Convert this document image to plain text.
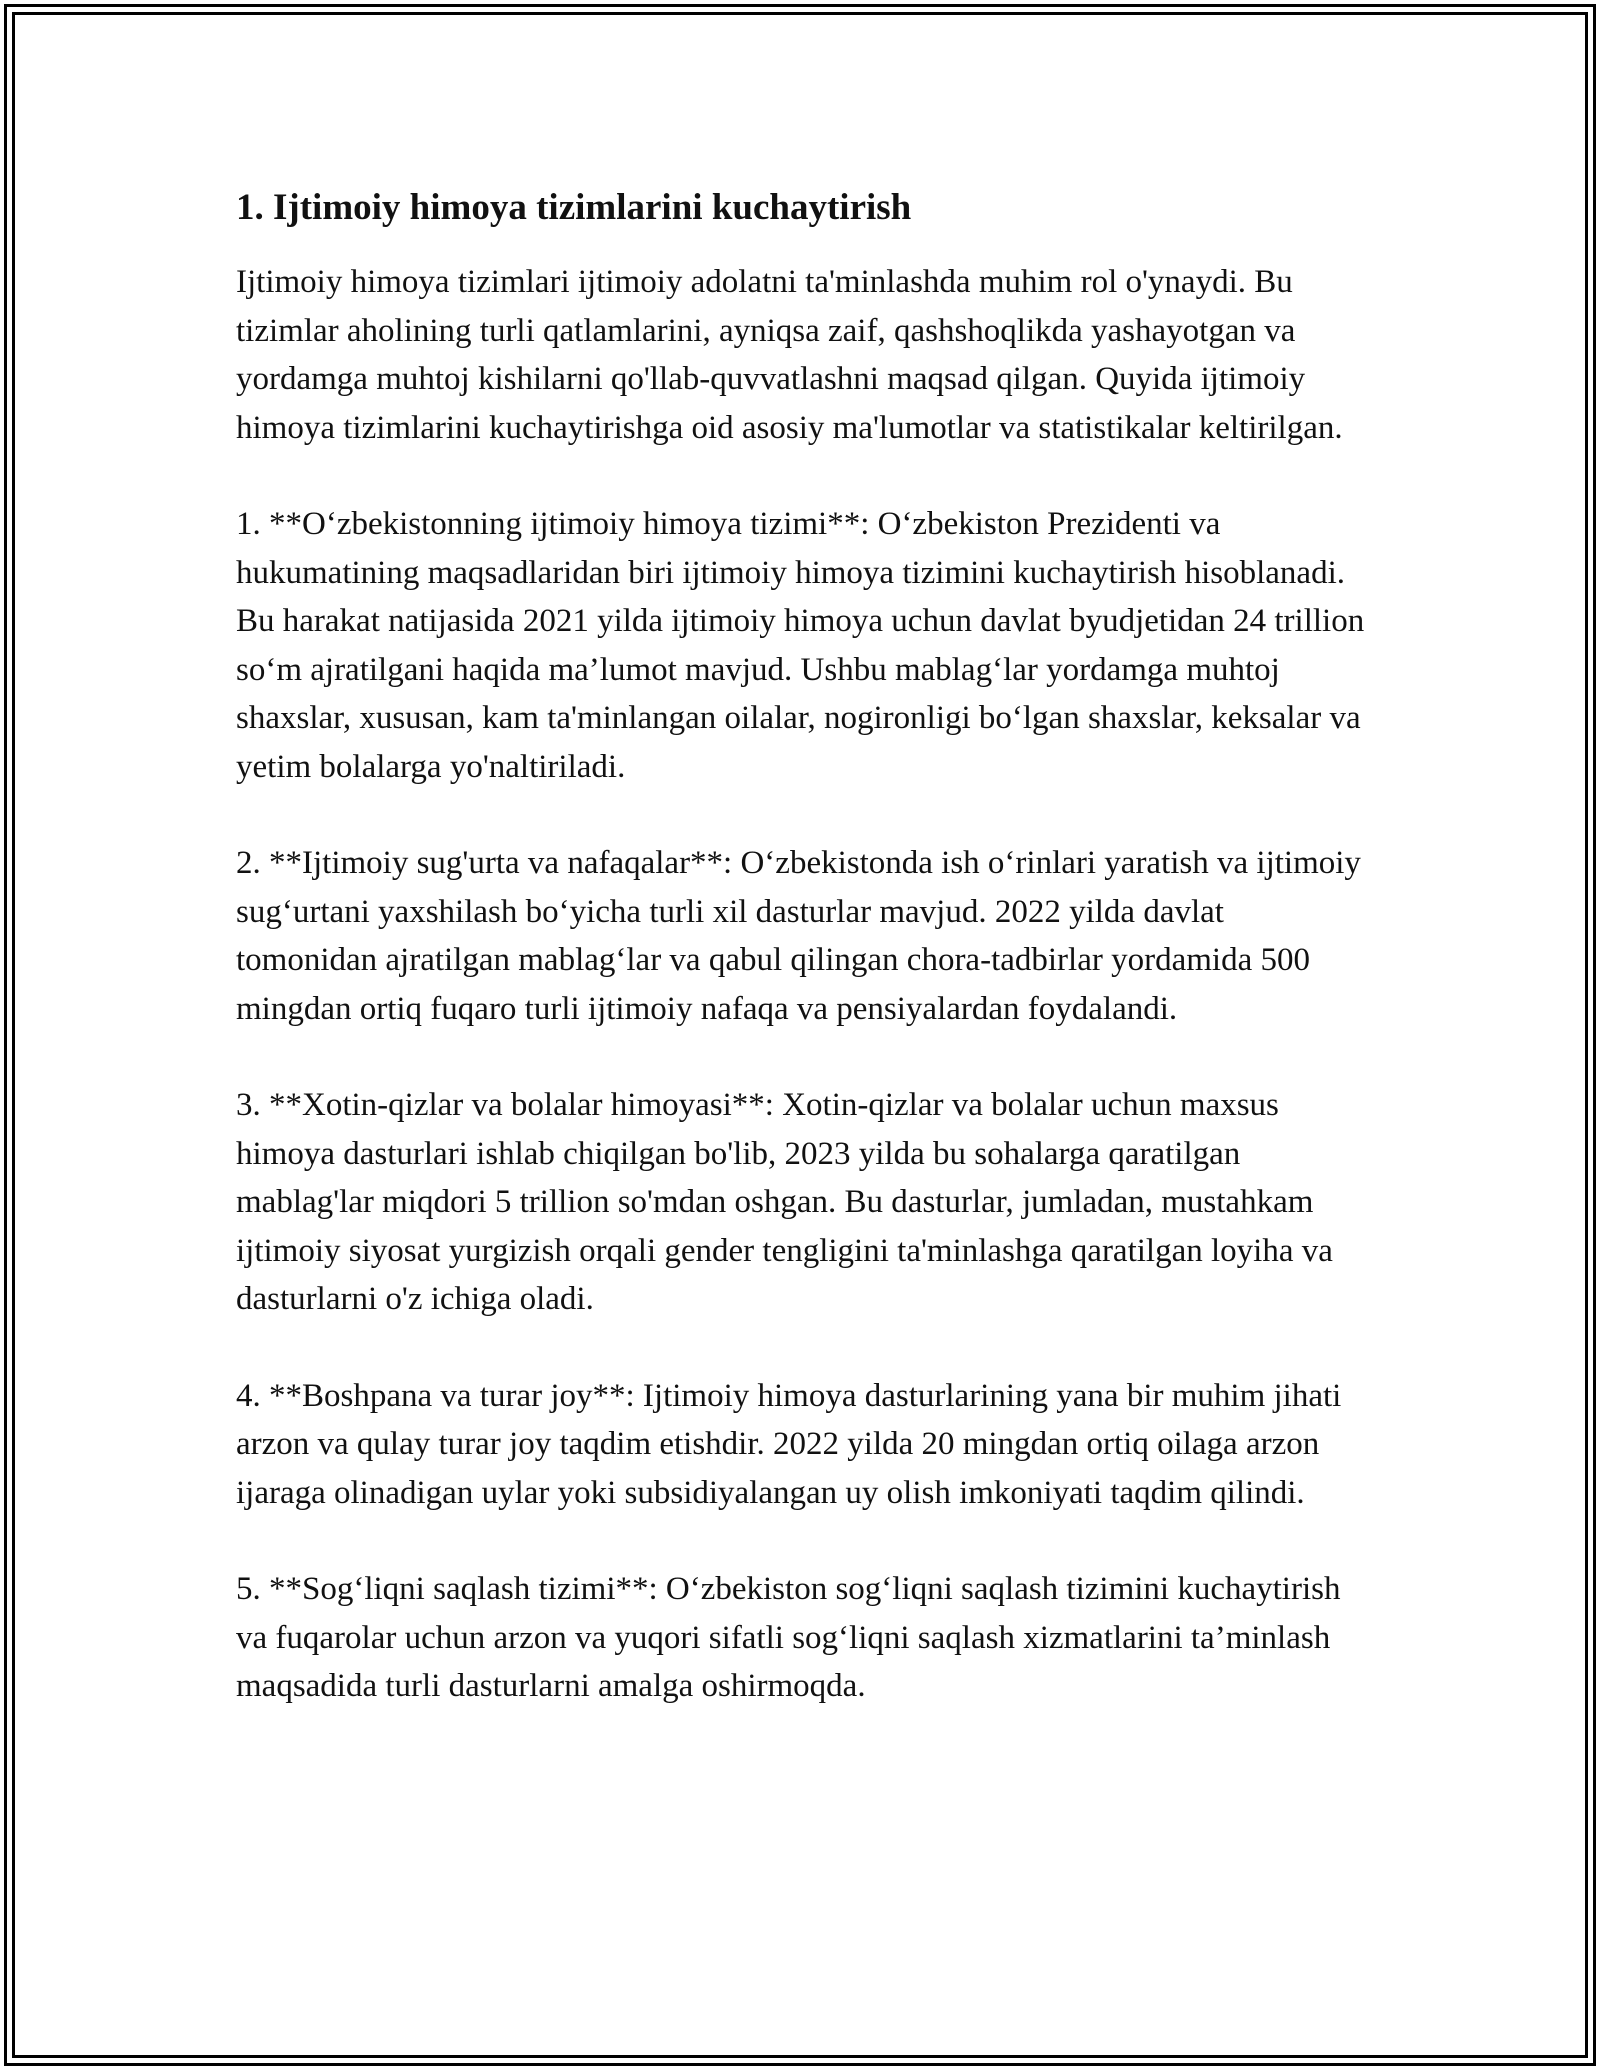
1. Ijtimoiy himoya tizimlarini kuchaytirish

Ijtimoiy himoya tizimlari ijtimoiy adolatni ta'minlashda muhim rol o'ynaydi. Bu tizimlar aholining turli qatlamlarini, ayniqsa zaif, qashshoqlikda yashayotgan va yordamga muhtoj kishilarni qo'llab-quvvatlashni maqsad qilgan. Quyida ijtimoiy himoya tizimlarini kuchaytirishga oid asosiy ma'lumotlar va statistikalar keltirilgan.

1. **O‘zbekistonning ijtimoiy himoya tizimi**: O‘zbekiston Prezidenti va hukumatining maqsadlaridan biri ijtimoiy himoya tizimini kuchaytirish hisoblanadi. Bu harakat natijasida 2021 yilda ijtimoiy himoya uchun davlat byudjetidan 24 trillion so‘m ajratilgani haqida ma’lumot mavjud. Ushbu mablag‘lar yordamga muhtoj shaxslar, xususan, kam ta'minlangan oilalar, nogironligi bo‘lgan shaxslar, keksalar va yetim bolalarga yo'naltiriladi.

2. **Ijtimoiy sug'urta va nafaqalar**: O‘zbekistonda ish o‘rinlari yaratish va ijtimoiy sug‘urtani yaxshilash bo‘yicha turli xil dasturlar mavjud. 2022 yilda davlat tomonidan ajratilgan mablag‘lar va qabul qilingan chora-tadbirlar yordamida 500 mingdan ortiq fuqaro turli ijtimoiy nafaqa va pensiyalardan foydalandi.

3. **Xotin-qizlar va bolalar himoyasi**: Xotin-qizlar va bolalar uchun maxsus himoya dasturlari ishlab chiqilgan bo'lib, 2023 yilda bu sohalarga qaratilgan mablag'lar miqdori 5 trillion so'mdan oshgan. Bu dasturlar, jumladan, mustahkam ijtimoiy siyosat yurgizish orqali gender tengligini ta'minlashga qaratilgan loyiha va dasturlarni o'z ichiga oladi.

4. **Boshpana va turar joy**: Ijtimoiy himoya dasturlarining yana bir muhim jihati arzon va qulay turar joy taqdim etishdir. 2022 yilda 20 mingdan ortiq oilaga arzon ijaraga olinadigan uylar yoki subsidiyalangan uy olish imkoniyati taqdim qilindi.

5. **Sog‘liqni saqlash tizimi**: O‘zbekiston sog‘liqni saqlash tizimini kuchaytirish va fuqarolar uchun arzon va yuqori sifatli sog‘liqni saqlash xizmatlarini ta’minlash maqsadida turli dasturlarni amalga oshirmoqda.
